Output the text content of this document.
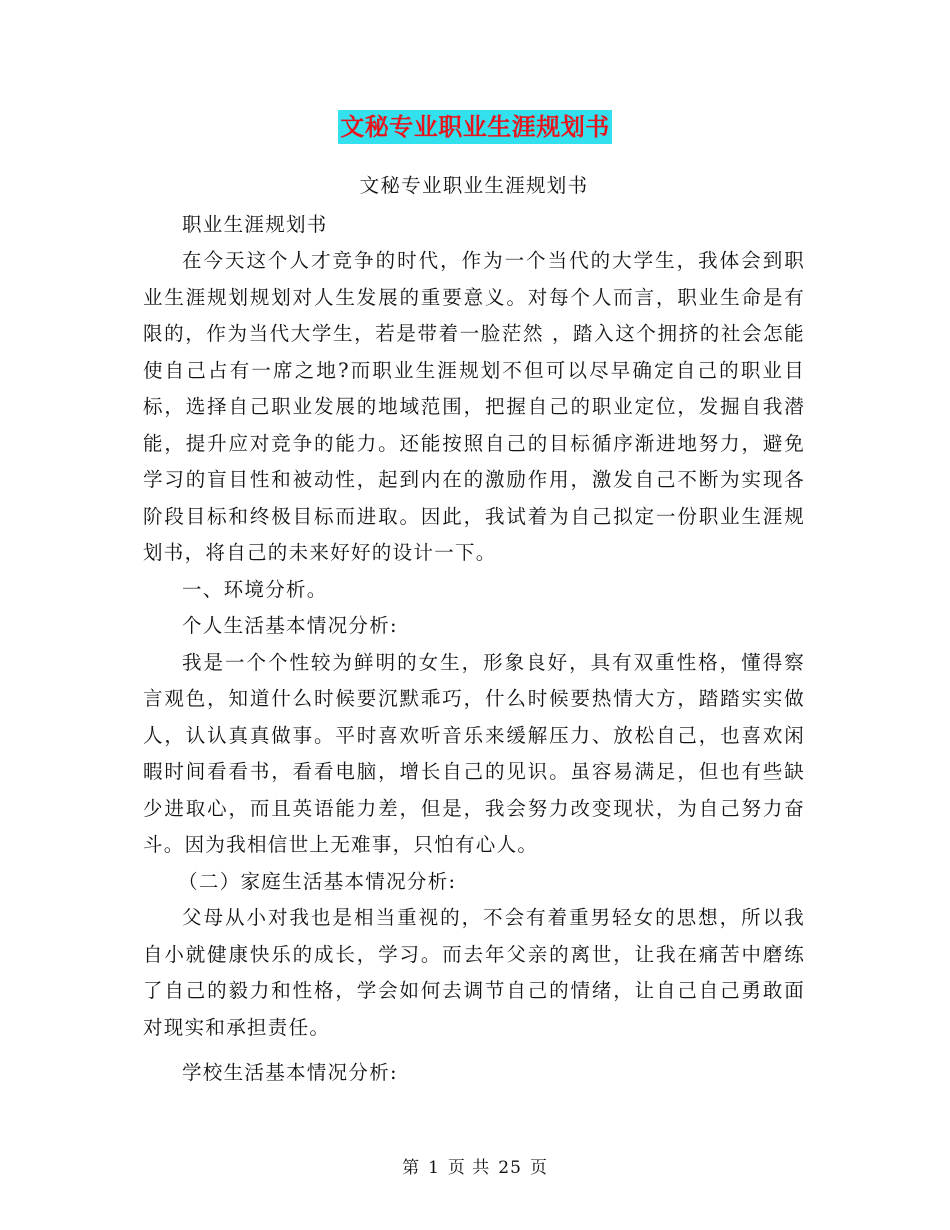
文秘专业职业生涯规划书

文秘专业职业生涯规划书

职业生涯规划书

在今天这个人才竞争的时代，作为一个当代的大学生，我体会到职业生涯规划规划对人生发展的重要意义。对每个人而言，职业生命是有限的，作为当代大学生，若是带着一脸茫然 ，踏入这个拥挤的社会怎能使自己占有一席之地?而职业生涯规划不但可以尽早确定自己的职业目标，选择自己职业发展的地域范围，把握自己的职业定位，发掘自我潜能，提升应对竞争的能力。还能按照自己的目标循序渐进地努力，避免学习的盲目性和被动性，起到内在的激励作用，激发自己不断为实现各阶段目标和终极目标而进取。因此，我试着为自己拟定一份职业生涯规划书，将自己的未来好好的设计一下。

一、环境分析。

个人生活基本情况分析:

我是一个个性较为鲜明的女生，形象良好，具有双重性格，懂得察言观色，知道什么时候要沉默乖巧，什么时候要热情大方，踏踏实实做人，认认真真做事。平时喜欢听音乐来缓解压力、放松自己，也喜欢闲暇时间看看书，看看电脑，增长自己的见识。虽容易满足，但也有些缺少进取心，而且英语能力差，但是，我会努力改变现状，为自己努力奋斗。因为我相信世上无难事，只怕有心人。

（二）家庭生活基本情况分析:

父母从小对我也是相当重视的，不会有着重男轻女的思想，所以我自小就健康快乐的成长，学习。而去年父亲的离世，让我在痛苦中磨练了自己的毅力和性格，学会如何去调节自己的情绪，让自己自己勇敢面对现实和承担责任。

学校生活基本情况分析:

第 1 页 共 25 页
